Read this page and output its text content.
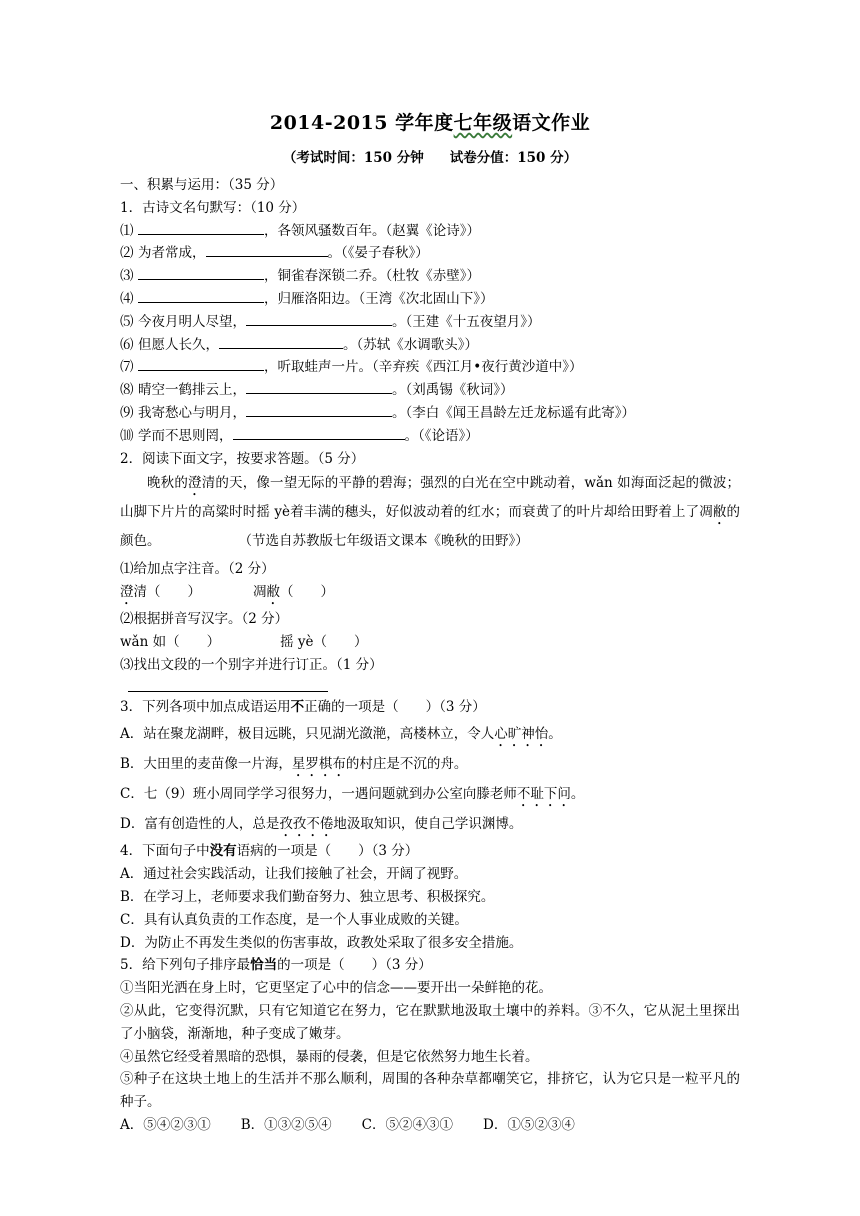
2014-2015 学年度七年级语文作业
（考试时间：150 分钟 试卷分值：150 分）
一、积累与运用：（35 分）
1．古诗文名句默写：（10 分）
⑴	，各领风骚数百年。（赵翼《论诗》）
⑵ 为者常成，	。（《晏子春秋》）
⑶	，铜雀春深锁二乔。（杜牧《赤壁》）
⑷	，归雁洛阳边。（王湾《次北固山下》）
⑸ 今夜月明人尽望，	。（王建《十五夜望月》）
⑹ 但愿人长久，	。（苏轼《水调歌头》）
⑺	，听取蛙声一片。（辛弃疾《西江月•夜行黄沙道中》）
⑻ 晴空一鹤排云上，	。（刘禹锡《秋词》）
⑼ 我寄愁心与明月，	。（李白《闻王昌龄左迁龙标遥有此寄》）
⑽ 学而不思则罔，	。（《论语》）
2．阅读下面文字，按要求答题。（5 分）
晚秋的澄清的天，像一望无际的平静的碧海；强烈的白光在空中跳动着，wǎn 如海面泛起的微波；山脚下片片的高粱时时摇 yè着丰满的穗头，好似波动着的红水；而衰黄了的叶片却给田野着上了凋敝的颜色。	（节选自苏教版七年级语文课本《晚秋的田野》）
⑴给加点字注音。（2 分）
澄清（　　）	凋敝（　　）
⑵根据拼音写汉字。（2 分）
wǎn 如（　　）	摇 yè（　　）
⑶找出文段的一个别字并进行订正。（1 分）
3．下列各项中加点成语运用不正确的一项是（　　）（3 分）
A．站在聚龙湖畔，极目远眺，只见湖光潋滟，高楼林立，令人心旷神怡。
B．大田里的麦苗像一片海，星罗棋布的村庄是不沉的舟。
C．七（9）班小周同学学习很努力，一遇问题就到办公室向滕老师不耻下问。
D．富有创造性的人，总是孜孜不倦地汲取知识，使自己学识渊博。
4．下面句子中没有语病的一项是（　　）（3 分）
A．通过社会实践活动，让我们接触了社会，开阔了视野。
B．在学习上，老师要求我们勤奋努力、独立思考、积极探究。
C．具有认真负责的工作态度，是一个人事业成败的关键。
D．为防止不再发生类似的伤害事故，政教处采取了很多安全措施。
5．给下列句子排序最恰当的一项是（　　）（3 分）
①当阳光洒在身上时，它更坚定了心中的信念——要开出一朵鲜艳的花。
②从此，它变得沉默，只有它知道它在努力，它在默默地汲取土壤中的养料。③不久，它从泥土里探出了小脑袋，渐渐地，种子变成了嫩芽。
④虽然它经受着黑暗的恐惧，暴雨的侵袭，但是它依然努力地生长着。
⑤种子在这块土地上的生活并不那么顺利，周围的各种杂草都嘲笑它，排挤它，认为它只是一粒平凡的种子。
A．⑤④②③① B．①③②⑤④ C．⑤②④③① D．①⑤②③④
